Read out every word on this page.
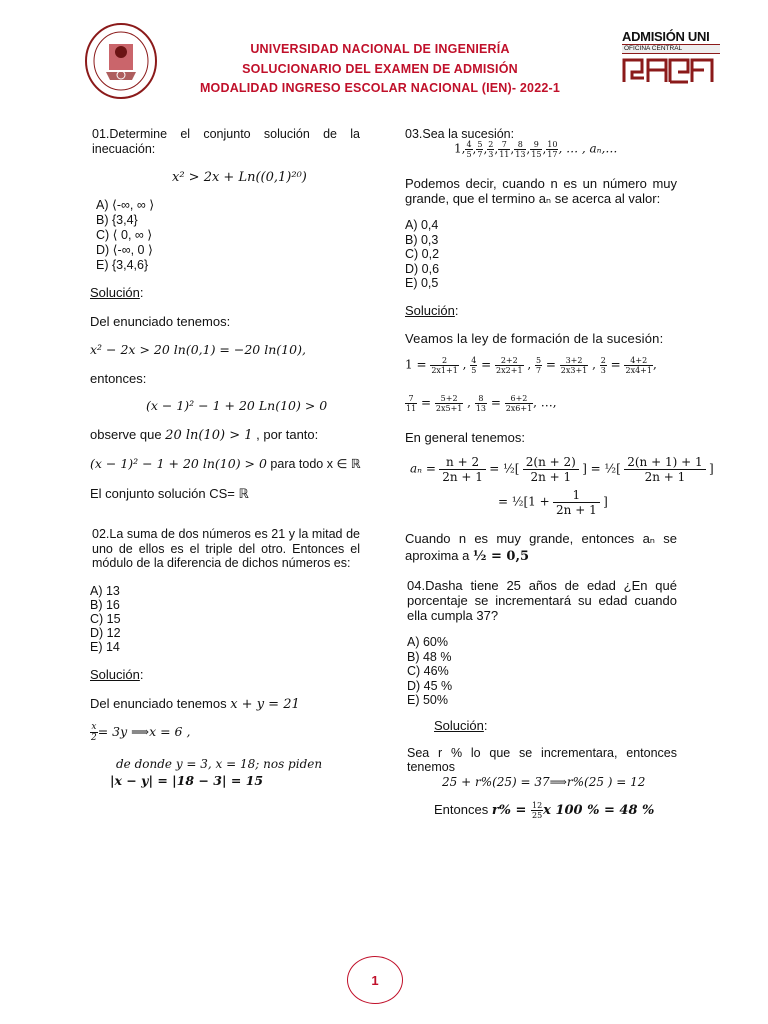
UNIVERSIDAD NACIONAL DE INGENIERÍA
SOLUCIONARIO DEL EXAMEN DE ADMISIÓN
MODALIDAD INGRESO ESCOLAR NACIONAL (IEN)- 2022-1
ADMISIÓN UNI
OFICINA CENTRAL
01.Determine el conjunto solución de la inecuación:
x² > 2x + Ln((0,1)²⁰)
A) ⟨-∞, ∞ ⟩
B) {3,4}
C) ⟨ 0, ∞ ⟩
D) ⟨-∞, 0 ⟩
E) {3,4,6}
Solución:
Del enunciado tenemos:
x² − 2x > 20 ln(0,1) = −20 ln(10),
entonces:
(x − 1)² − 1 + 20 Ln(10) > 0
observe que 20 ln(10) > 1 , por tanto:
(x − 1)² − 1 + 20 ln(10) > 0 para todo x ∈ ℝ
El conjunto solución CS= ℝ
02.La suma de dos números es 21 y la mitad de uno de ellos es el triple del otro. Entonces el módulo de la diferencia de dichos números es:
A) 13
B) 16
C) 15
D) 12
E) 14
Solución:
Del enunciado tenemos x + y = 21
$\frac{x}{2} = 3y$ ⟹x = 6 ,
de donde y = 3, x = 18; nos piden
|x − y| = |18 − 3| = 15
03.Sea la sucesión:
1, $\frac{4}{5}$ , $\frac{5}{7}$ , $\frac{2}{3}$ , $\frac{7}{11}$ , $\frac{8}{13}$ , $\frac{9}{15}$ , $\frac{10}{17}$ , … , aₙ,…
Podemos decir, cuando n es un número muy grande, que el termino aₙ se acerca al valor:
A) 0,4
B) 0,3
C) 0,2
D) 0,6
E) 0,5
Solución:
Veamos la ley de formación de la sucesión:
$1 = \frac{2}{2x1+1}$ , $\frac{4}{5} = \frac{2+2}{2x2+1}$ , $\frac{5}{7} = \frac{3+2}{2x3+1}$ , $\frac{2}{3} = \frac{4+2}{2x4+1}$ ,
$\frac{7}{11} = \frac{5+2}{2x5+1}$ , $\frac{8}{13} = \frac{6+2}{2x6+1}$ , …,
En general tenemos:
$a_n = \frac{n + 2}{2n + 1}$ = ½[ $\frac{2(n + 2)}{2n + 1}$ ] = ½[ $\frac{2(n + 1) + 1}{2n + 1}$ ]
= ½[1 + $\frac{1}{2n + 1}$ ]
Cuando n es muy grande, entonces aₙ se aproxima a ½ = 0,5
04.Dasha tiene 25 años de edad ¿En qué porcentaje se incrementará su edad cuando ella cumpla 37?
A) 60%
B) 48 %
C) 46%
D) 45 %
E) 50%
Solución:
Sea r % lo que se incrementara, entonces tenemos
25 + r%(25) = 37⟹r%(25 ) = 12
Entonces $r\% = \frac{12}{25}$ x 100 % = 48 %
1
